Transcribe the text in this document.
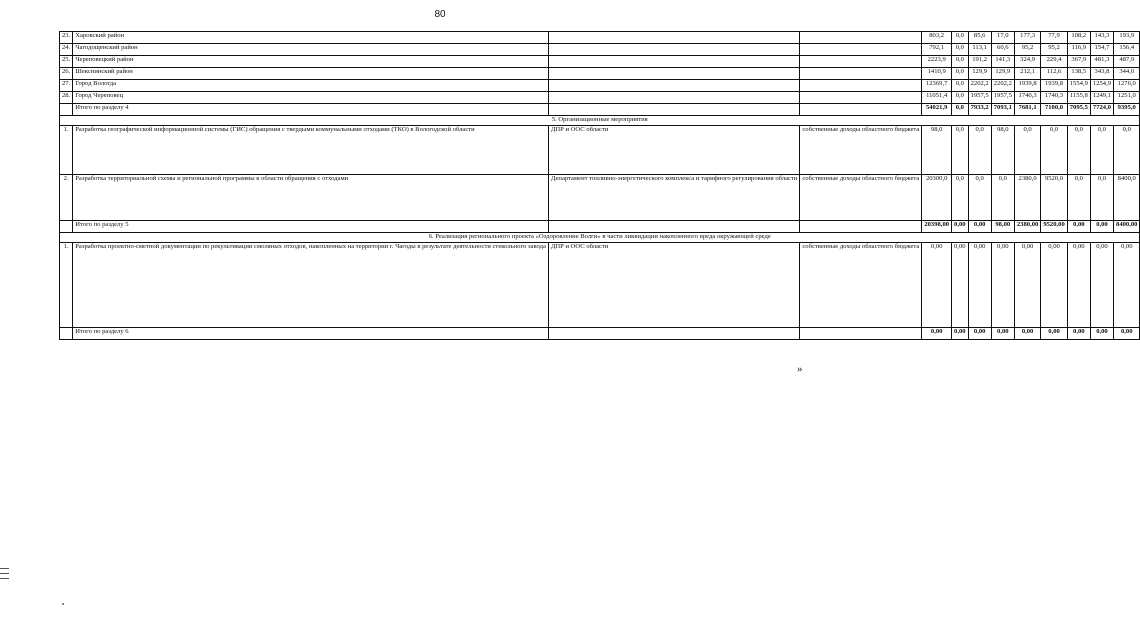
80
23.	Харовский район			803,2	0,0	85,6	17,0	177,3	77,9	108,2	143,3	193,9
24.	Чагодощенский район			792,1	0,0	113,1	60,6	95,2	95,2	116,9	154,7	156,4
25.	Череповецкий район			2223,9	0,0	191,2	141,3	324,9	229,4	367,9	481,3	487,9
26.	Шекснинский район			1410,9	0,0	129,9	129,9	212,1	112,6	138,5	343,8	344,0
27.	Город Вологда			12369,7	0,0	2202,2	2202,2	1939,8	1939,8	1554,9	1254,9	1276,0
28.	Город Череповец			11051,4	0,0	1957,5	1957,5	1740,3	1740,3	1155,8	1249,1	1251,0
	Итого по разделу 4			54021,9	0,0	7933,2	7093,1	7681,1	7100,0	7095,5	7724,0	9395,0
5. Организационные мероприятия												
1.	Разработка географической информационной системы (ГИС) обращения с твердыми коммунальными отходами (ТКО) в Вологодской области	ДПР и ООС области	собственные доходы областного бюджета	98,0	0,0	0,0	98,0	0,0	0,0	0,0	0,0	0,0
2.	Разработка территориальной схемы и региональной программы в области обращения с отходами	Департамент топливно-энергетического комплекса и тарифного регулирования области	собственные доходы областного бюджета	20300,0	0,0	0,0	0,0	2380,0	9520,0	0,0	0,0	8400,0
	Итого по разделу 5			20398,00	0,00	0,00	98,00	2380,00	9520,00	0,00	0,00	8400,00
6. Реализация регионального проекта «Оздоровление Волги» в части ликвидации накопленного вреда окружающей среде												
1.	Разработка проектно-сметной документации по рекультивации смоляных отходов, накопленных на территории г. Чагоды в результате деятельности стекольного завода	ДПР и ООС области	собственные доходы областного бюджета	0,00	0,00	0,00	0,00	0,00	0,00	0,00	0,00	0,00
	Итого по разделу 6			0,00	0,00	0,00	0,00	0,00	0,00	0,00	0,00	0,00
»
